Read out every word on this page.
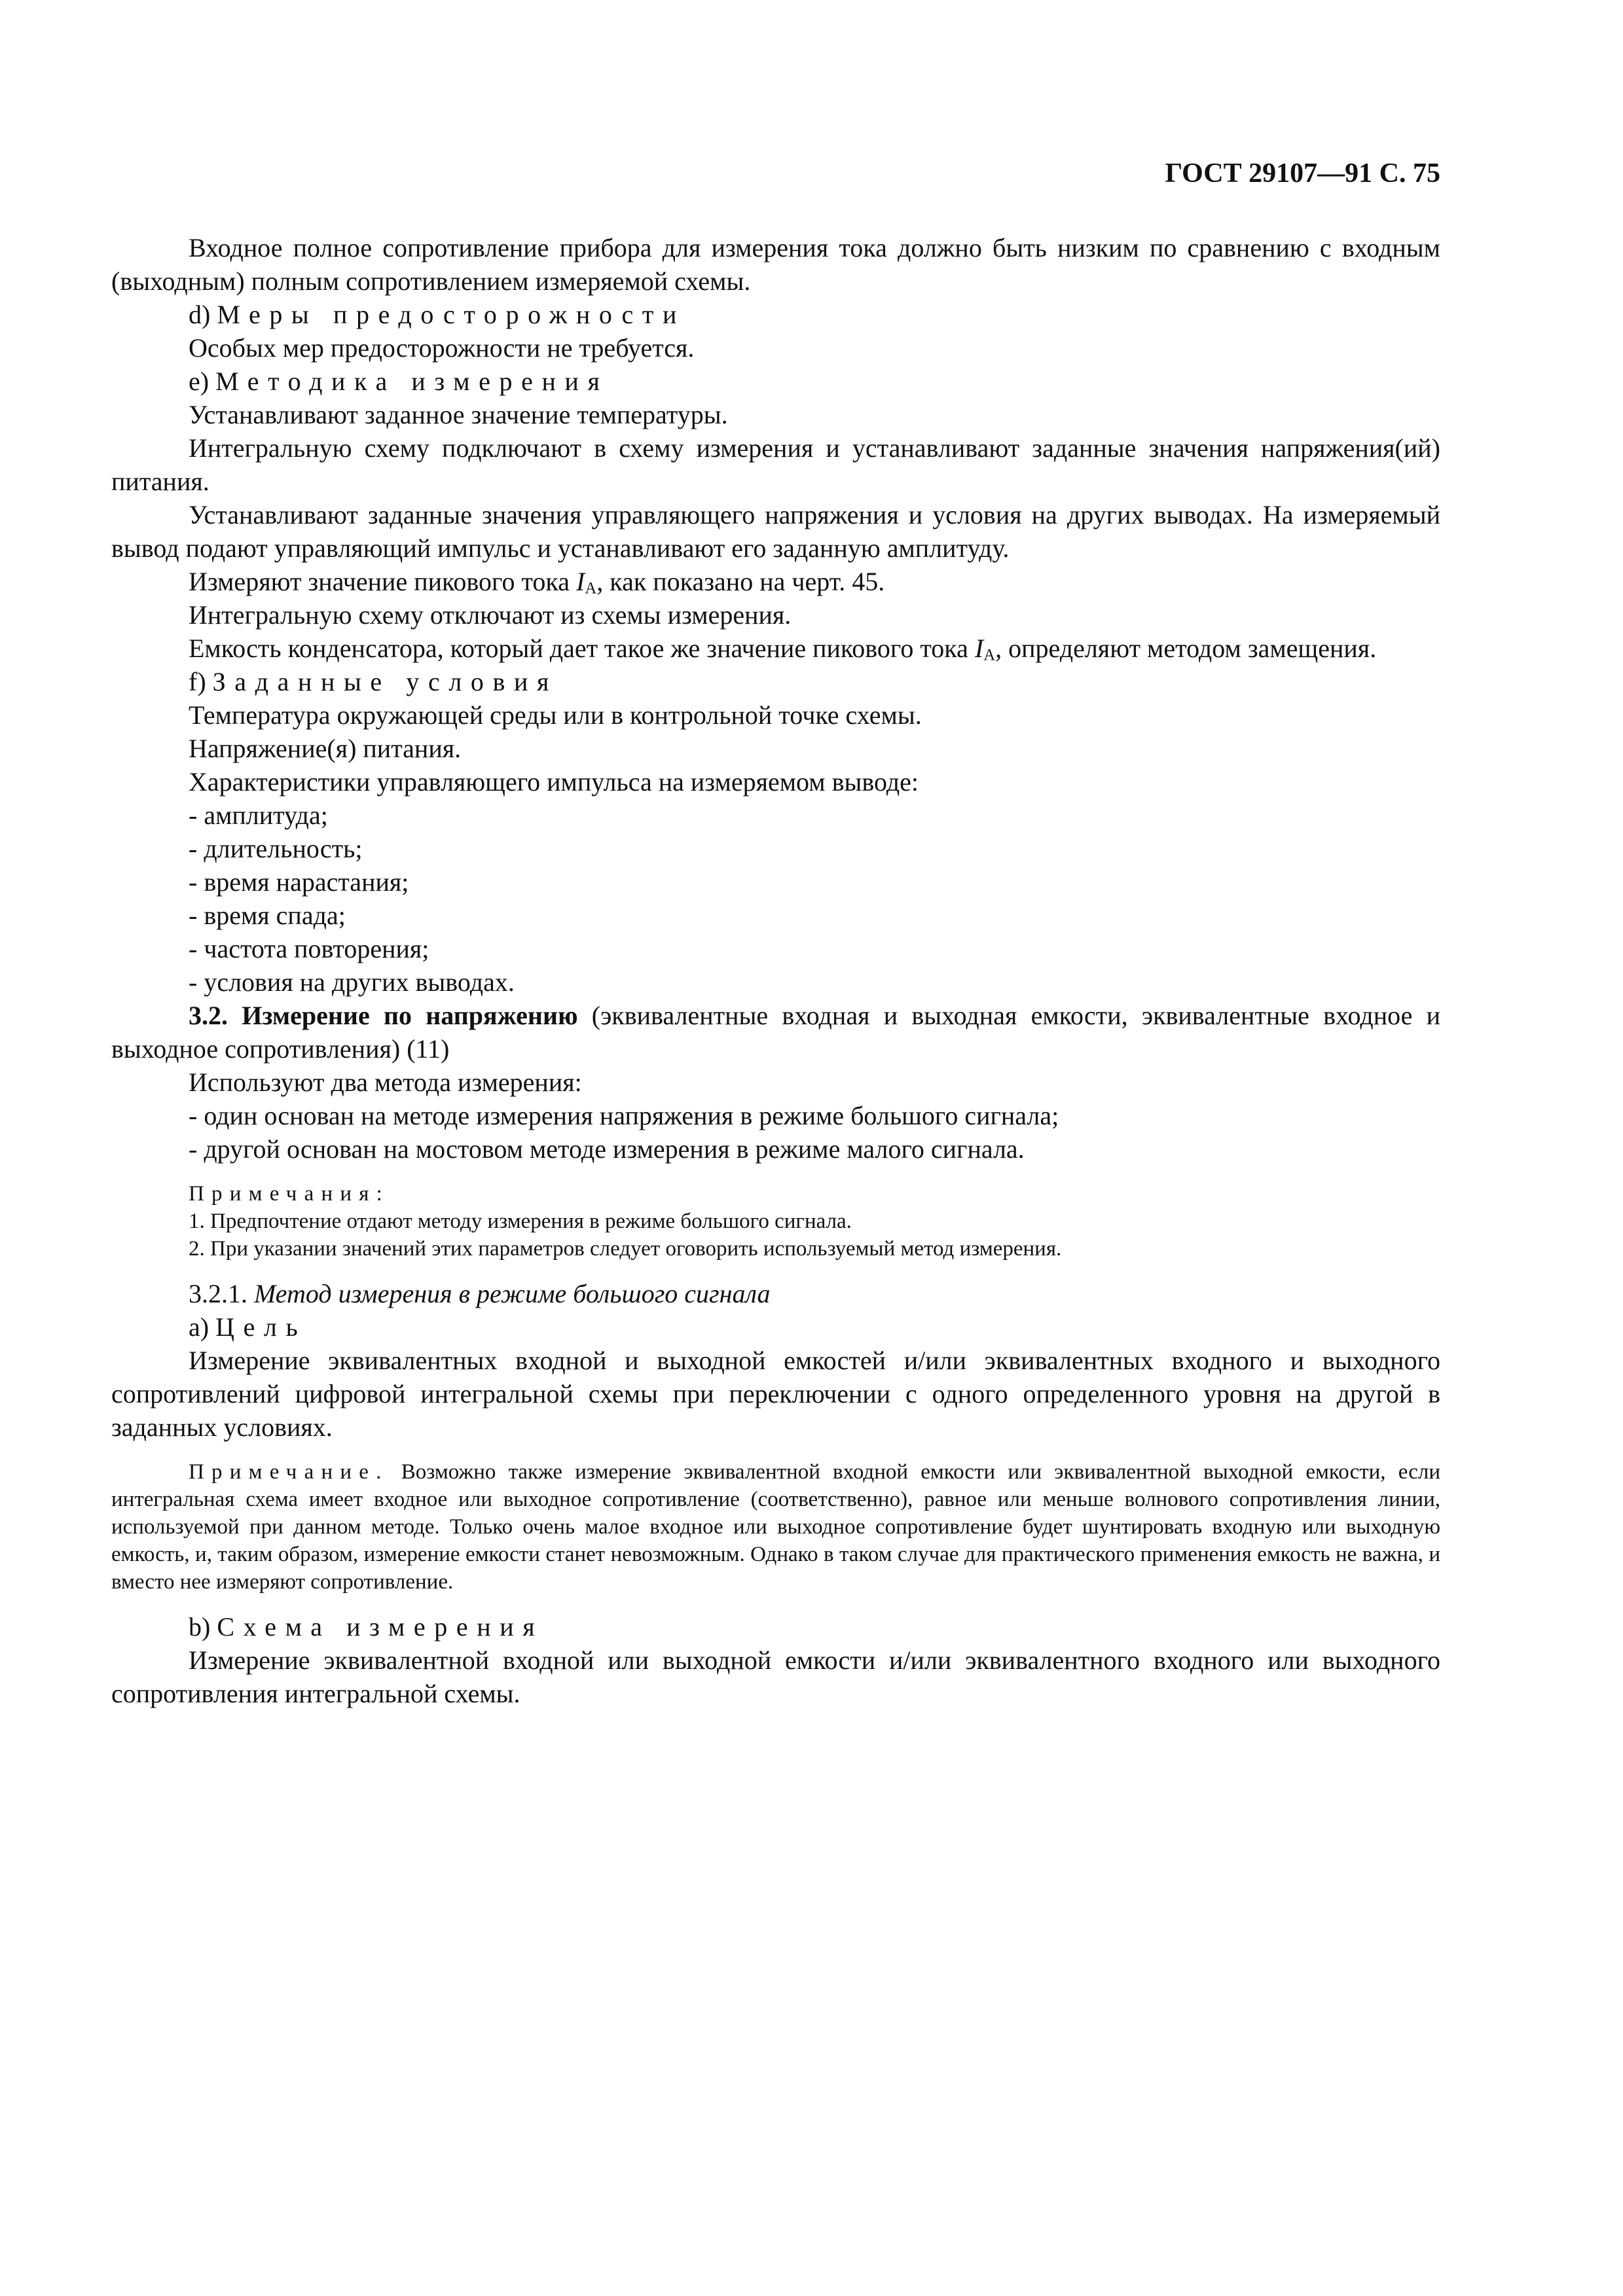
ГОСТ 29107—91 С. 75

Входное полное сопротивление прибора для измерения тока должно быть низким по сравнению с входным (выходным) полным сопротивлением измеряемой схемы.

d) Меры предосторожности

Особых мер предосторожности не требуется.

e) Методика измерения

Устанавливают заданное значение температуры.

Интегральную схему подключают в схему измерения и устанавливают заданные значения напряжения(ий) питания.

Устанавливают заданные значения управляющего напряжения и условия на других выводах. На измеряемый вывод подают управляющий импульс и устанавливают его заданную амплитуду.

Измеряют значение пикового тока $I_A$, как показано на черт. 45.

Интегральную схему отключают из схемы измерения.

Емкость конденсатора, который дает такое же значение пикового тока $I_A$, определяют методом замещения.

f) Заданные условия

Температура окружающей среды или в контрольной точке схемы.

Напряжение(я) питания.

Характеристики управляющего импульса на измеряемом выводе:

- амплитуда;

- длительность;

- время нарастания;

- время спада;

- частота повторения;

- условия на других выводах.

3.2. Измерение по напряжению (эквивалентные входная и выходная емкости, эквивалентные входное и выходное сопротивления) (11)

Используют два метода измерения:

- один основан на методе измерения напряжения в режиме большого сигнала;

- другой основан на мостовом методе измерения в режиме малого сигнала.

Примечания:

1. Предпочтение отдают методу измерения в режиме большого сигнала.

2. При указании значений этих параметров следует оговорить используемый метод измерения.

3.2.1. Метод измерения в режиме большого сигнала

a) Цель

Измерение эквивалентных входной и выходной емкостей и/или эквивалентных входного и выходного сопротивлений цифровой интегральной схемы при переключении с одного определенного уровня на другой в заданных условиях.

Примечание. Возможно также измерение эквивалентной входной емкости или эквивалентной выходной емкости, если интегральная схема имеет входное или выходное сопротивление (соответственно), равное или меньше волнового сопротивления линии, используемой при данном методе. Только очень малое входное или выходное сопротивление будет шунтировать входную или выходную емкость, и, таким образом, измерение емкости станет невозможным. Однако в таком случае для практического применения емкость не важна, и вместо нее измеряют сопротивление.

b) Схема измерения

Измерение эквивалентной входной или выходной емкости и/или эквивалентного входного или выходного сопротивления интегральной схемы.
